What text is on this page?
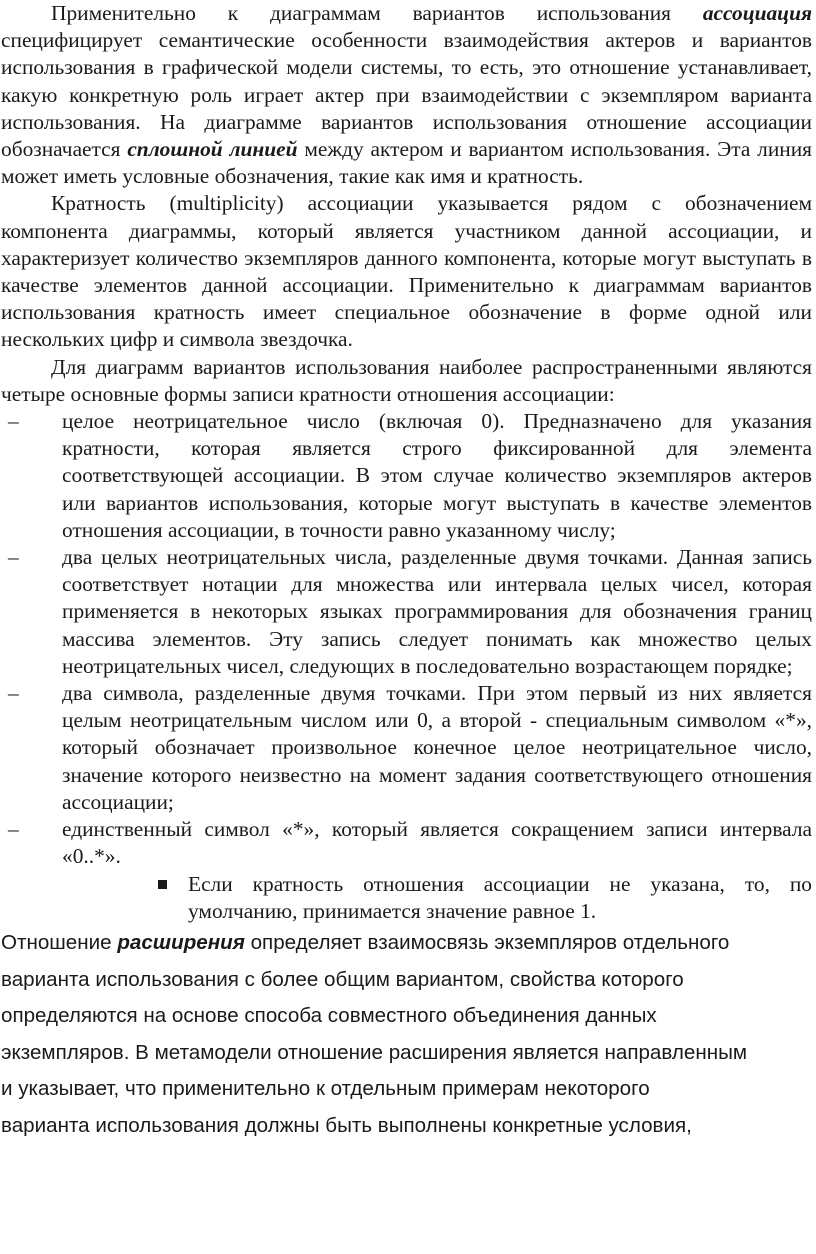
Применительно к диаграммам вариантов использования ассоциация специфицирует семантические особенности взаимодействия актеров и вариантов использования в графической модели системы, то есть, это отношение устанавливает, какую конкретную роль играет актер при взаимодействии с экземпляром варианта использования. На диаграмме вариантов использования отношение ассоциации обозначается сплошной линией между актером и вариантом использования. Эта линия может иметь условные обозначения, такие как имя и кратность.

Кратность (multiplicity) ассоциации указывается рядом с обозначением компонента диаграммы, который является участником данной ассоциации, и характеризует количество экземпляров данного компонента, которые могут выступать в качестве элементов данной ассоциации. Применительно к диаграммам вариантов использования кратность имеет специальное обозначение в форме одной или нескольких цифр и символа звездочка.

Для диаграмм вариантов использования наиболее распространенными являются четыре основные формы записи кратности отношения ассоциации:

– целое неотрицательное число (включая 0). Предназначено для указания кратности, которая является строго фиксированной для элемента соответствующей ассоциации. В этом случае количество экземпляров актеров или вариантов использования, которые могут выступать в качестве элементов отношения ассоциации, в точности равно указанному числу;
– два целых неотрицательных числа, разделенные двумя точками. Данная запись соответствует нотации для множества или интервала целых чисел, которая применяется в некоторых языках программирования для обозначения границ массива элементов. Эту запись следует понимать как множество целых неотрицательных чисел, следующих в последовательно возрастающем порядке;
– два символа, разделенные двумя точками. При этом первый из них является целым неотрицательным числом или 0, а второй - специальным символом «*», который обозначает произвольное конечное целое неотрицательное число, значение которого неизвестно на момент задания соответствующего отношения ассоциации;
– единственный символ «*», который является сокращением записи интервала «0..*».

Если кратность отношения ассоциации не указана, то, по умолчанию, принимается значение равное 1.

Отношение расширения определяет взаимосвязь экземпляров отдельного
варианта использования с более общим вариантом, свойства которого
определяются на основе способа совместного объединения данных
экземпляров. В метамодели отношение расширения является направленным
и указывает, что применительно к отдельным примерам некоторого
варианта использования должны быть выполнены конкретные условия,
